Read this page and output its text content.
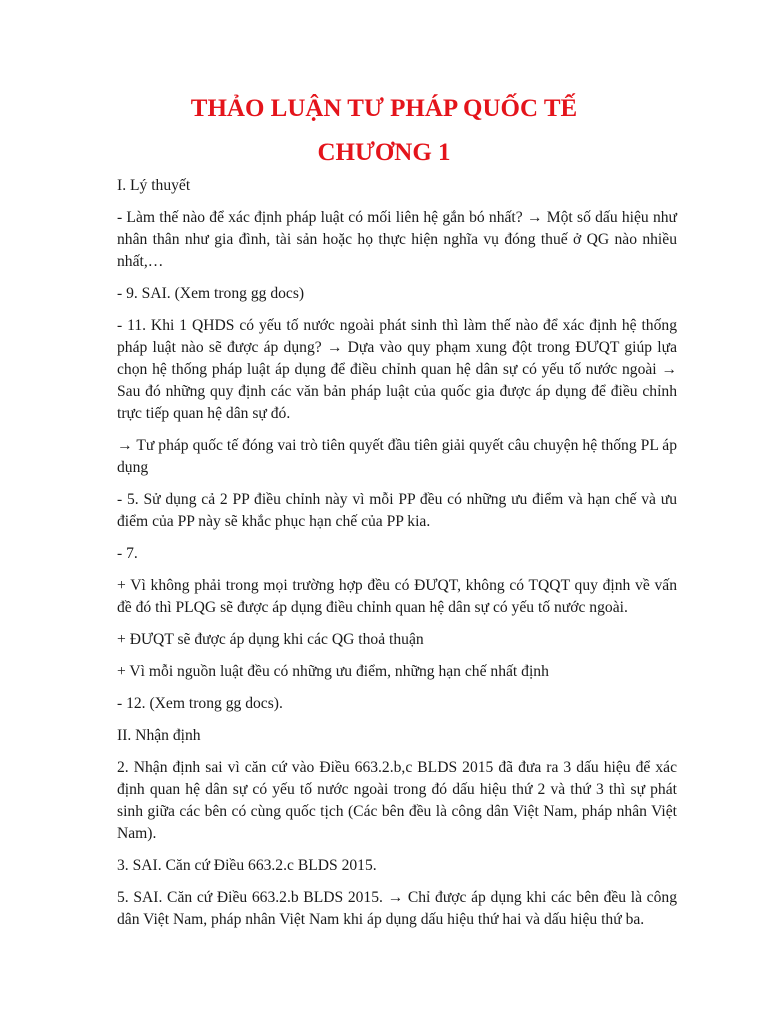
THẢO LUẬN TƯ PHÁP QUỐC TẾ
CHƯƠNG 1

I. Lý thuyết

- Làm thế nào để xác định pháp luật có mối liên hệ gắn bó nhất? → Một số dấu hiệu như nhân thân như gia đình, tài sản hoặc họ thực hiện nghĩa vụ đóng thuế ở QG nào nhiều nhất,…

- 9. SAI. (Xem trong gg docs)

- 11. Khi 1 QHDS có yếu tố nước ngoài phát sinh thì làm thế nào để xác định hệ thống pháp luật nào sẽ được áp dụng? → Dựa vào quy phạm xung đột trong ĐƯQT giúp lựa chọn hệ thống pháp luật áp dụng để điều chỉnh quan hệ dân sự có yếu tố nước ngoài → Sau đó những quy định các văn bản pháp luật của quốc gia được áp dụng để điều chỉnh trực tiếp quan hệ dân sự đó.

→ Tư pháp quốc tế đóng vai trò tiên quyết đầu tiên giải quyết câu chuyện hệ thống PL áp dụng

- 5. Sử dụng cả 2 PP điều chỉnh này vì mỗi PP đều có những ưu điểm và hạn chế và ưu điểm của PP này sẽ khắc phục hạn chế của PP kia.

- 7.

+ Vì không phải trong mọi trường hợp đều có ĐƯQT, không có TQQT quy định về vấn đề đó thì PLQG sẽ được áp dụng điều chỉnh quan hệ dân sự có yếu tố nước ngoài.

+ ĐƯQT sẽ được áp dụng khi các QG thoả thuận

+ Vì mỗi nguồn luật đều có những ưu điểm, những hạn chế nhất định

- 12. (Xem trong gg docs).

II. Nhận định

2. Nhận định sai vì căn cứ vào Điều 663.2.b,c BLDS 2015 đã đưa ra 3 dấu hiệu để xác định quan hệ dân sự có yếu tố nước ngoài trong đó dấu hiệu thứ 2 và thứ 3 thì sự phát sinh giữa các bên có cùng quốc tịch (Các bên đều là công dân Việt Nam, pháp nhân Việt Nam).

3. SAI. Căn cứ Điều 663.2.c BLDS 2015.

5. SAI. Căn cứ Điều 663.2.b BLDS 2015. → Chỉ được áp dụng khi các bên đều là công dân Việt Nam, pháp nhân Việt Nam khi áp dụng dấu hiệu thứ hai và dấu hiệu thứ ba.
